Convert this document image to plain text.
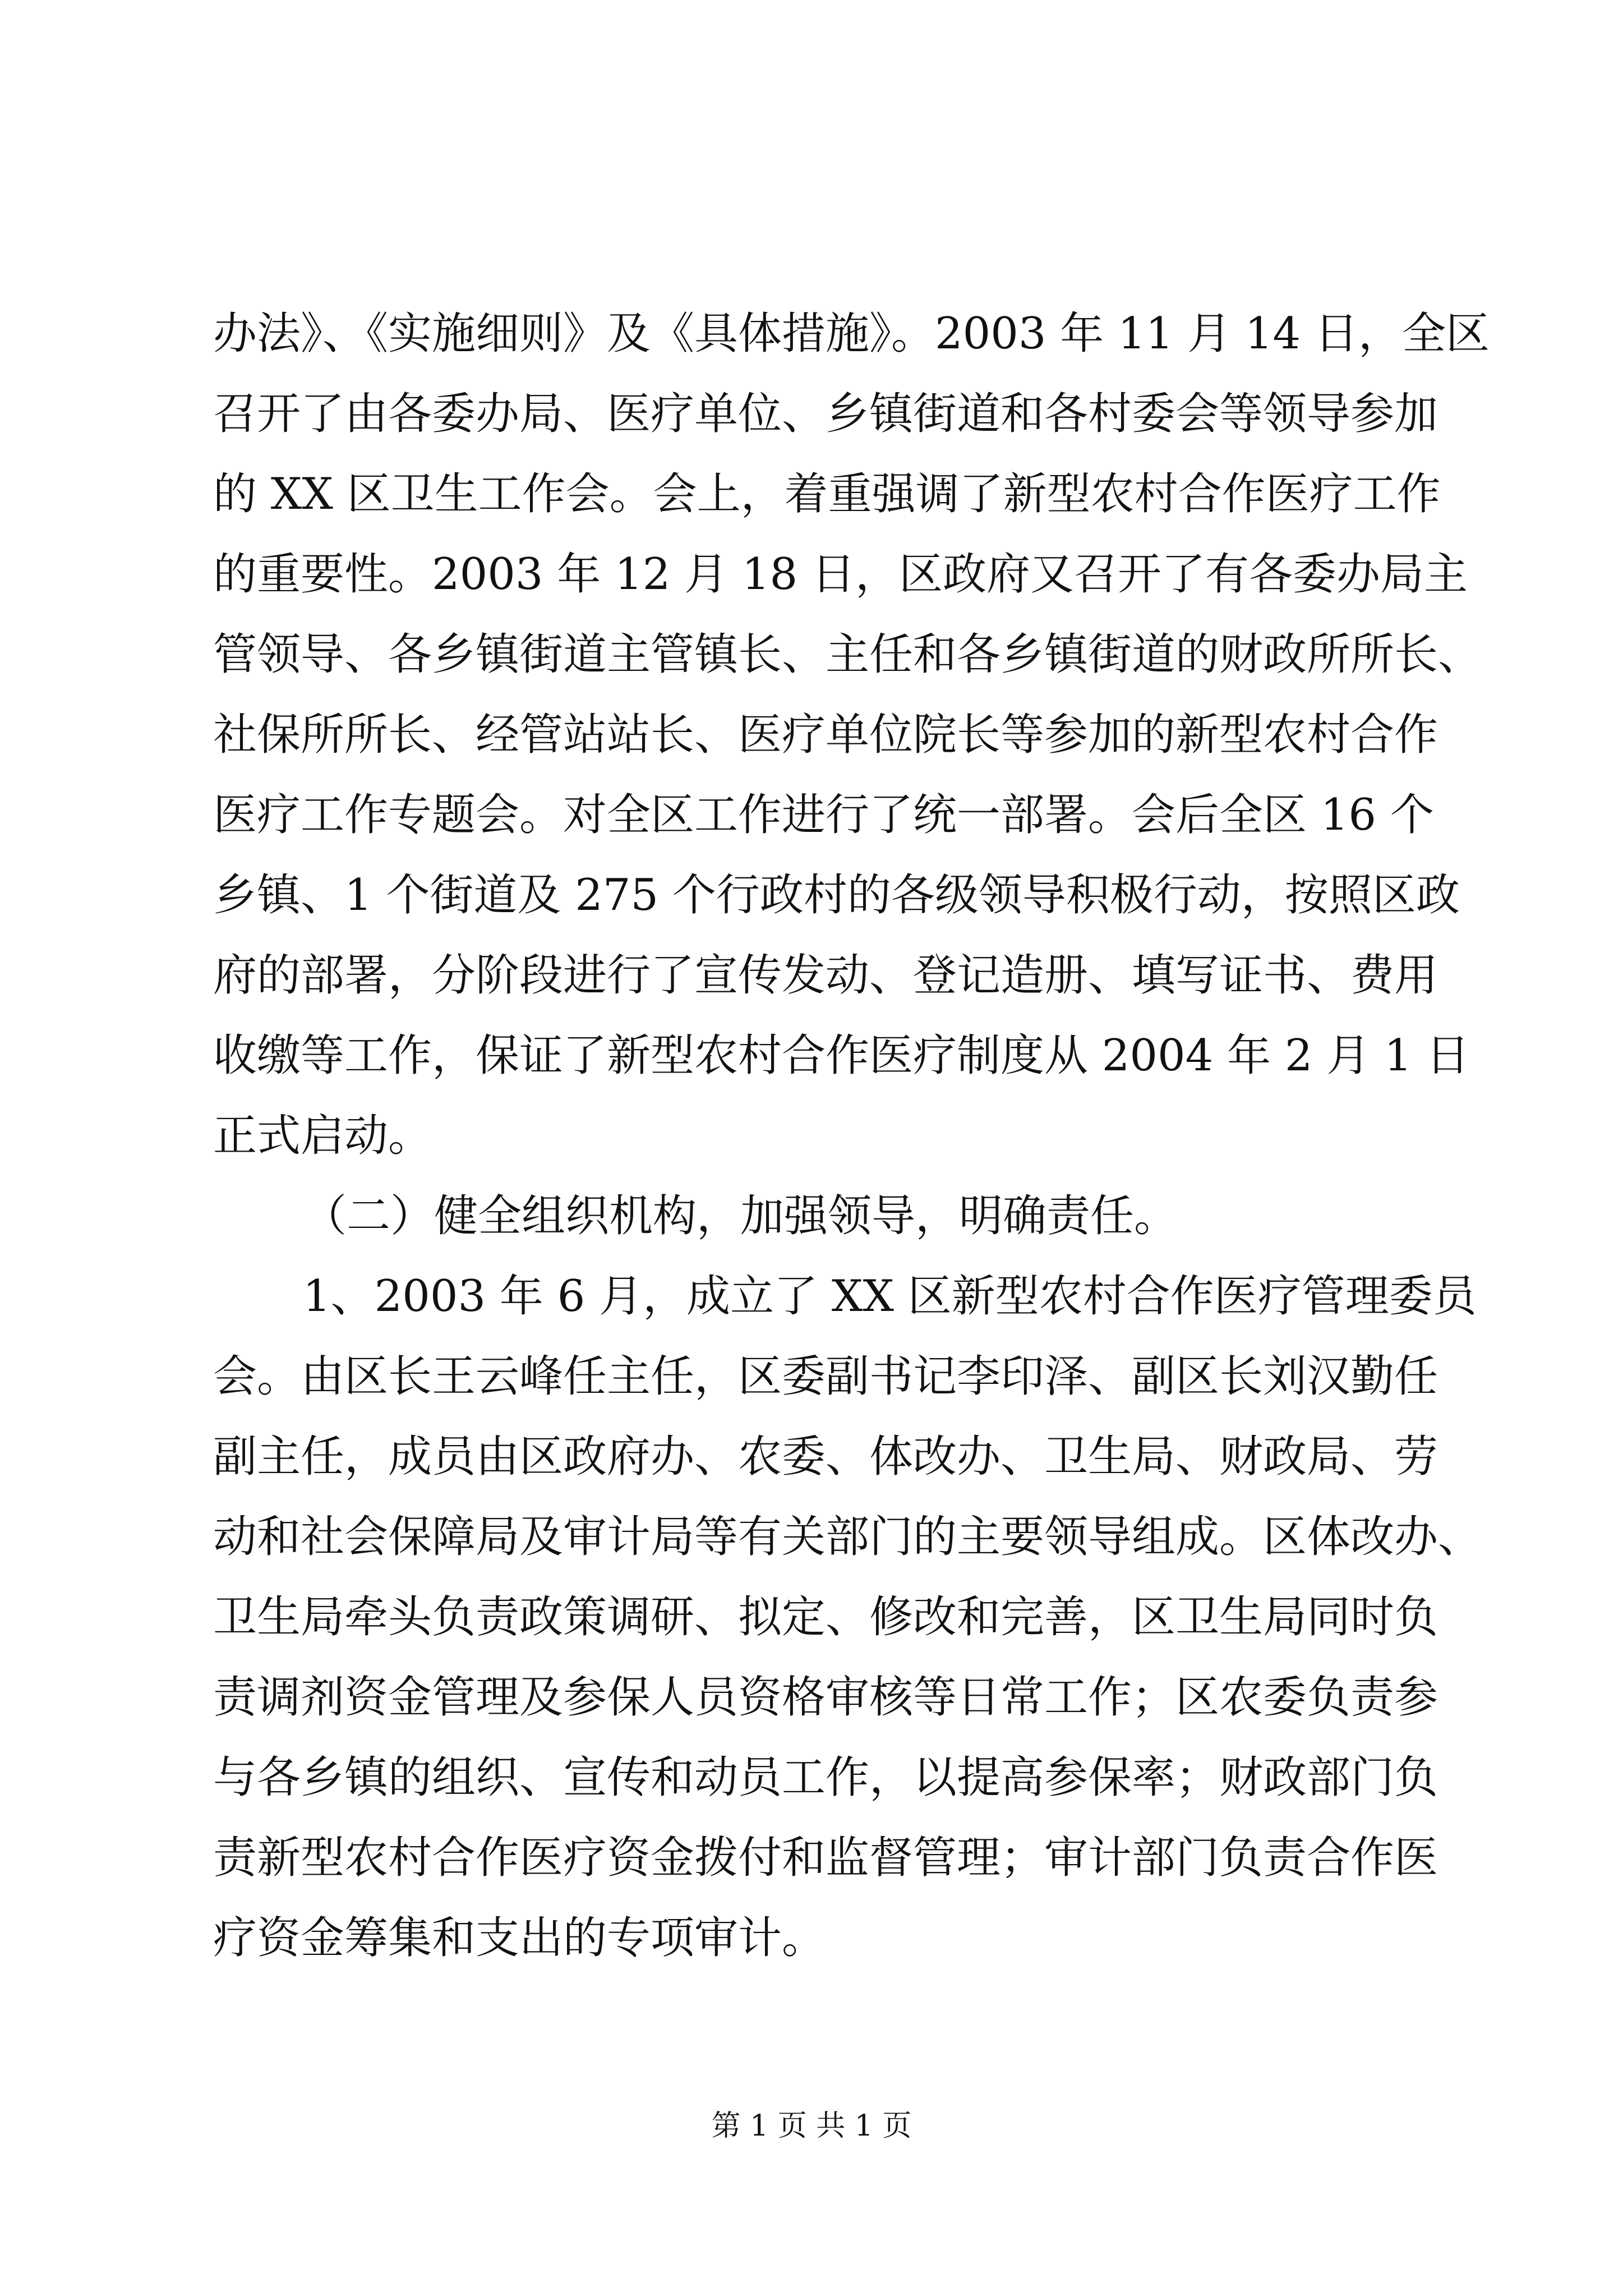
办法》、《实施细则》及《具体措施》。2003 年 11 月 14 日，全区
召开了由各委办局、医疗单位、乡镇街道和各村委会等领导参加
的 XX 区卫生工作会。会上，着重强调了新型农村合作医疗工作
的重要性。2003 年 12 月 18 日，区政府又召开了有各委办局主
管领导、各乡镇街道主管镇长、主任和各乡镇街道的财政所所长、
社保所所长、经管站站长、医疗单位院长等参加的新型农村合作
医疗工作专题会。对全区工作进行了统一部署。会后全区 16 个
乡镇、1 个街道及 275 个行政村的各级领导积极行动，按照区政
府的部署，分阶段进行了宣传发动、登记造册、填写证书、费用
收缴等工作，保证了新型农村合作医疗制度从 2004 年 2 月 1 日
正式启动。
（二）健全组织机构，加强领导，明确责任。
1、2003 年 6 月，成立了 XX 区新型农村合作医疗管理委员
会。由区长王云峰任主任，区委副书记李印泽、副区长刘汉勤任
副主任，成员由区政府办、农委、体改办、卫生局、财政局、劳
动和社会保障局及审计局等有关部门的主要领导组成。区体改办、
卫生局牵头负责政策调研、拟定、修改和完善，区卫生局同时负
责调剂资金管理及参保人员资格审核等日常工作；区农委负责参
与各乡镇的组织、宣传和动员工作，以提高参保率；财政部门负
责新型农村合作医疗资金拨付和监督管理；审计部门负责合作医
疗资金筹集和支出的专项审计。
第 1 页 共 1 页
